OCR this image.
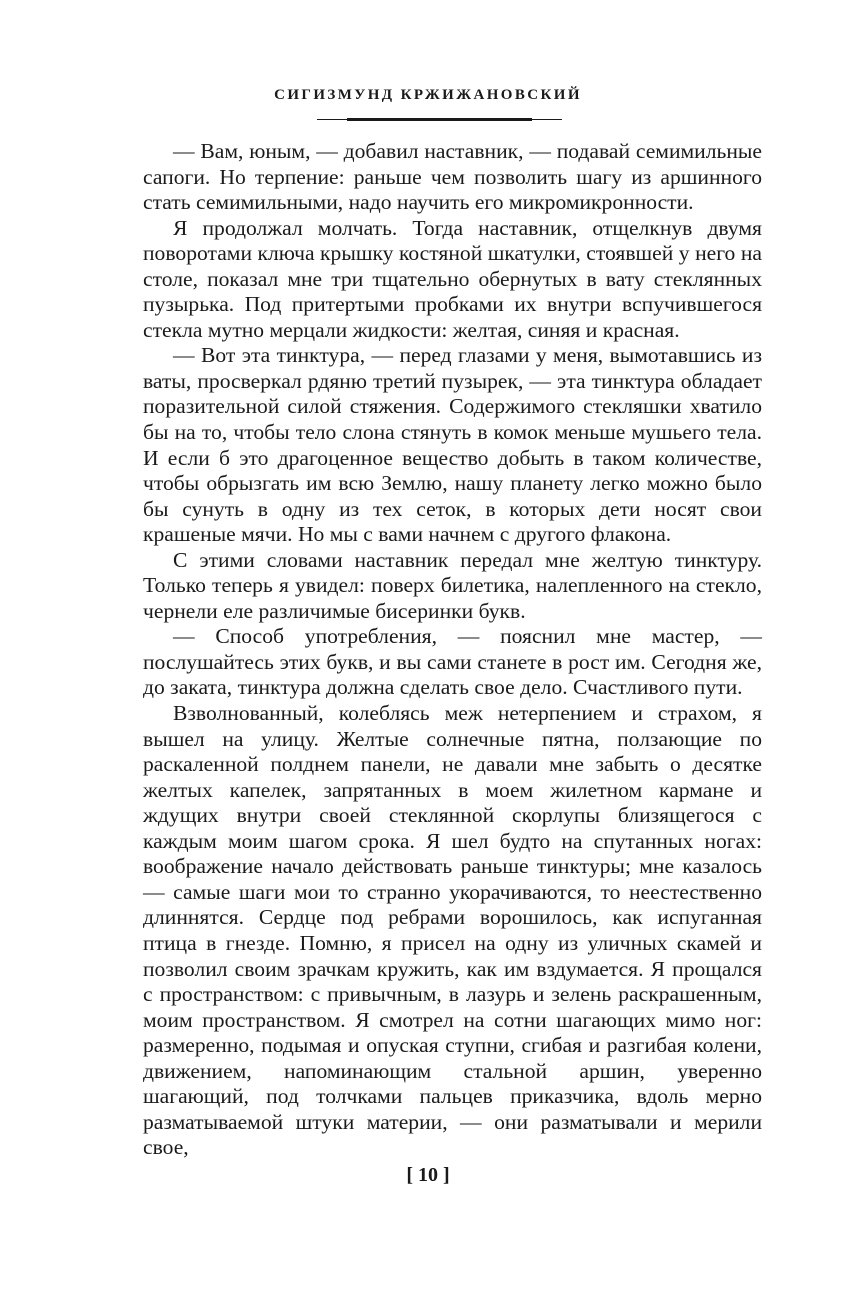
СИГИЗМУНД КРЖИЖАНОВСКИЙ

— Вам, юным, — добавил наставник, — подавай семимильные сапоги. Но терпение: раньше чем позволить шагу из аршинного стать семимильными, надо научить его микромикронности.

Я продолжал молчать. Тогда наставник, отщелкнув двумя поворотами ключа крышку костяной шкатулки, стоявшей у него на столе, показал мне три тщательно обернутых в вату стеклянных пузырька. Под притертыми пробками их внутри вспучившегося стекла мутно мерцали жидкости: желтая, синяя и красная.

— Вот эта тинктура, — перед глазами у меня, вымотавшись из ваты, просверкал рдяню третий пузырек, — эта тинктура обладает поразительной силой стяжения. Содержимого стекляшки хватило бы на то, чтобы тело слона стянуть в комок меньше мушьего тела. И если б это драгоценное вещество добыть в таком количестве, чтобы обрызгать им всю Землю, нашу планету легко можно было бы сунуть в одну из тех сеток, в которых дети носят свои крашеные мячи. Но мы с вами начнем с другого флакона.

С этими словами наставник передал мне желтую тинктуру. Только теперь я увидел: поверх билетика, налепленного на стекло, чернели еле различимые бисеринки букв.

— Способ употребления, — пояснил мне мастер, — послушайтесь этих букв, и вы сами станете в рост им. Сегодня же, до заката, тинктура должна сделать свое дело. Счастливого пути.

Взволнованный, колеблясь меж нетерпением и страхом, я вышел на улицу. Желтые солнечные пятна, ползающие по раскаленной полднем панели, не давали мне забыть о десятке желтых капелек, запрятанных в моем жилетном кармане и ждущих внутри своей стеклянной скорлупы близящегося с каждым моим шагом срока. Я шел будто на спутанных ногах: воображение начало действовать раньше тинктуры; мне казалось — самые шаги мои то странно укорачиваются, то неестественно длиннятся. Сердце под ребрами ворошилось, как испуганная птица в гнезде. Помню, я присел на одну из уличных скамей и позволил своим зрачкам кружить, как им вздумается. Я прощался с пространством: с привычным, в лазурь и зелень раскрашенным, моим пространством. Я смотрел на сотни шагающих мимо ног: размеренно, подымая и опуская ступни, сгибая и разгибая колени, движением, напоминающим стальной аршин, уверенно шагающий, под толчками пальцев приказчика, вдоль мерно разматываемой штуки материи, — они разматывали и мерили свое,

[ 10 ]
